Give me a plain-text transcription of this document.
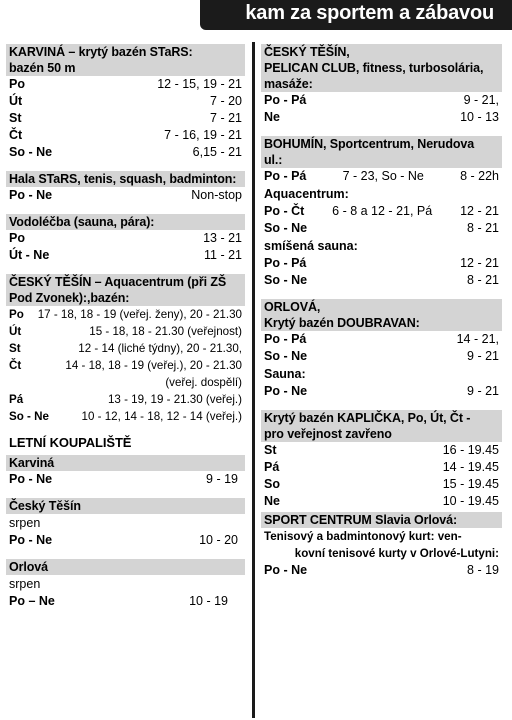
kam za sportem a zábavou
KARVINÁ – krytý bazén STaRS:
bazén 50 m
Po	12 - 15, 19 - 21
Út	7 - 20
St	7 - 21
Čt	7 - 16, 19 - 21
So - Ne	6,15 - 21
Hala STaRS, tenis, squash, badminton:
Po - Ne	Non-stop
Vodoléčba (sauna, pára):
Po	13 - 21
Út - Ne	11 - 21
ČESKÝ TĚŠÍN – Aquacentrum (při ZŠ
Pod Zvonek):,bazén:
Po 17 - 18, 18 - 19 (veřej. ženy), 20 - 21.30
Út	15 - 18, 18 - 21.30 (veřejnost)
St	12 - 14 (liché týdny), 20 - 21.30,
Čt	14 - 18, 18 - 19 (veřej.), 20 - 21.30
(veřej. dospělí)
Pá	13 - 19, 19 - 21.30 (veřej.)
So - Ne	10 - 12, 14 - 18, 12 - 14 (veřej.)
LETNÍ KOUPALIŠTĚ
Karviná
Po - Ne	9 - 19
Český Těšín
srpen
Po - Ne	10 - 20
Orlová
srpen
Po – Ne	10 - 19
ČESKÝ TĚŠÍN,
PELICAN CLUB, fitness, turbosolária,
masáže:
Po - Pá	9 - 21,
Ne	10 - 13
BOHUMÍN, Sportcentrum, Nerudova
ul.:
Po - Pá	7 - 23, So - Ne	8 - 22h
Aquacentrum:
Po - Čt 6 - 8 a 12 - 21, Pá 12 - 21
So - Ne	8 - 21
smíšená sauna:
Po - Pá	12 - 21
So - Ne	8 - 21
ORLOVÁ,
Krytý bazén DOUBRAVAN:
Po - Pá	14 - 21,
So - Ne	9 - 21
Sauna:
Po - Ne	9 - 21
Krytý bazén KAPLIČKA, Po, Út, Čt -
pro veřejnost zavřeno
St	16 - 19.45
Pá	14 - 19.45
So	15 - 19.45
Ne	10 - 19.45
SPORT CENTRUM Slavia Orlová:
Tenisový a badmintonový kurt: ven-
kovní tenisové kurty v Orlové-Lutyni:
Po - Ne	8 - 19
